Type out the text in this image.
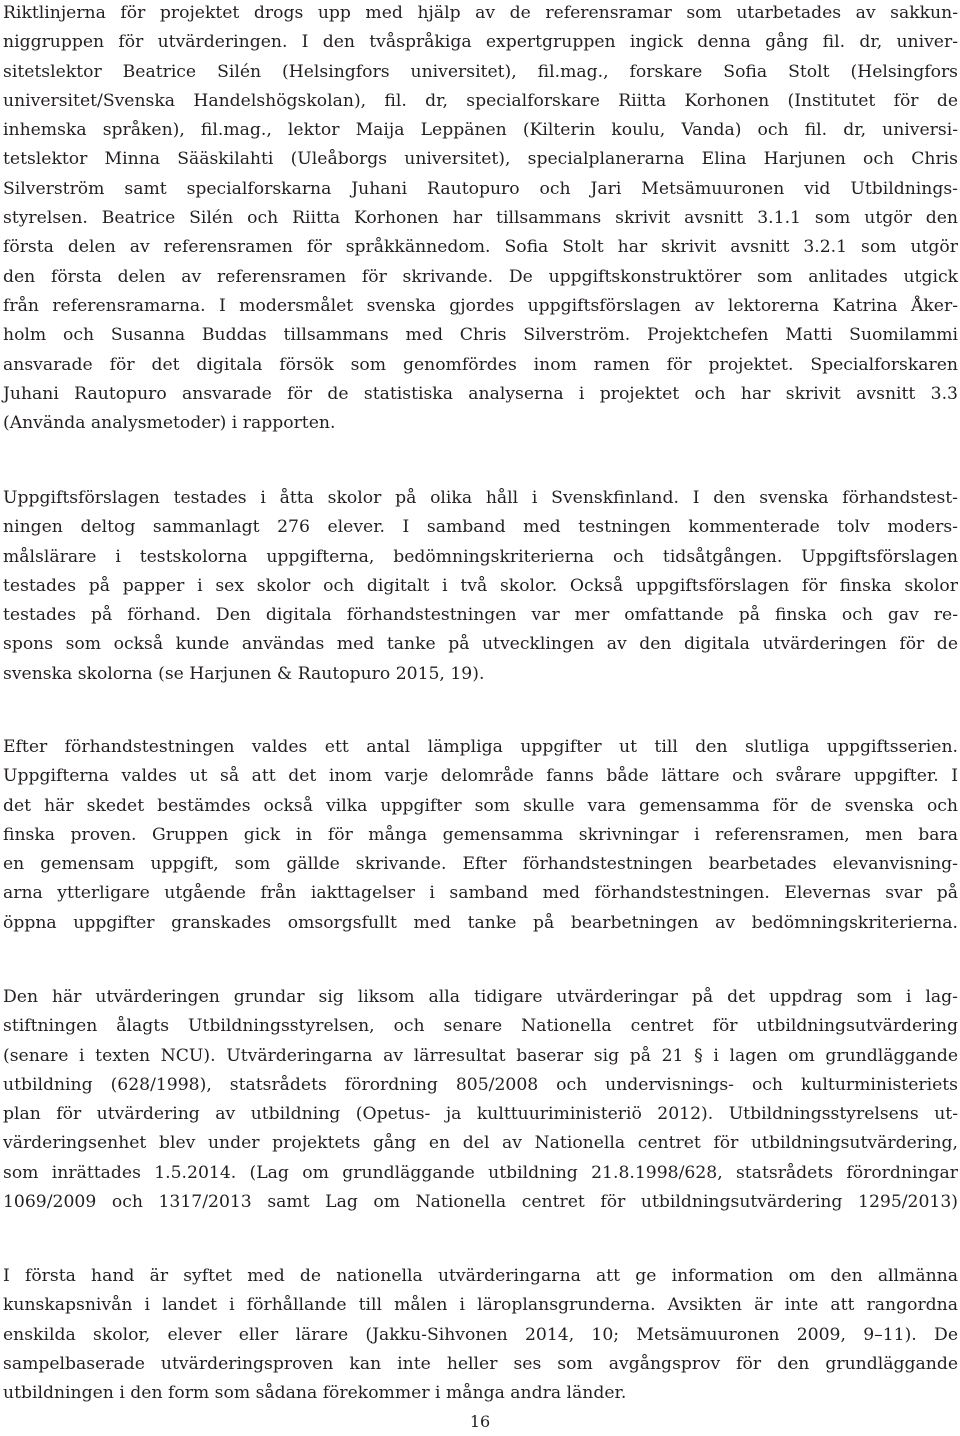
Riktlinjerna för projektet drogs upp med hjälp av de referensramar som utarbetades av sakkun-
niggruppen för utvärderingen. I den tvåspråkiga expertgruppen ingick denna gång fil. dr, univer-
sitetslektor Beatrice Silén (Helsingfors universitet), fil.mag., forskare Sofia Stolt (Helsingfors
universitet/Svenska Handelshögskolan), fil. dr, specialforskare Riitta Korhonen (Institutet för de
inhemska språken), fil.mag., lektor Maija Leppänen (Kilterin koulu, Vanda) och fil. dr, universi-
tetslektor Minna Sääskilahti (Uleåborgs universitet), specialplanerarna Elina Harjunen och Chris
Silverström samt specialforskarna Juhani Rautopuro och Jari Metsämuuronen vid Utbildnings-
styrelsen. Beatrice Silén och Riitta Korhonen har tillsammans skrivit avsnitt 3.1.1 som utgör den
första delen av referensramen för språkkännedom. Sofia Stolt har skrivit avsnitt 3.2.1 som utgör
den första delen av referensramen för skrivande. De uppgiftskonstruktörer som anlitades utgick
från referensramarna. I modersmålet svenska gjordes uppgiftsförslagen av lektorerna Katrina Åker-
holm och Susanna Buddas tillsammans med Chris Silverström. Projektchefen Matti Suomilammi
ansvarade för det digitala försök som genomfördes inom ramen för projektet. Specialforskaren
Juhani Rautopuro ansvarade för de statistiska analyserna i projektet och har skrivit avsnitt 3.3
(Använda analysmetoder) i rapporten.
Uppgiftsförslagen testades i åtta skolor på olika håll i Svenskfinland. I den svenska förhandstest-
ningen deltog sammanlagt 276 elever. I samband med testningen kommenterade tolv moders-
målslärare i testskolorna uppgifterna, bedömningskriterierna och tidsåtgången. Uppgiftsförslagen
testades på papper i sex skolor och digitalt i två skolor. Också uppgiftsförslagen för finska skolor
testades på förhand. Den digitala förhandstestningen var mer omfattande på finska och gav re-
spons som också kunde användas med tanke på utvecklingen av den digitala utvärderingen för de
svenska skolorna (se Harjunen & Rautopuro 2015, 19).
Efter förhandstestningen valdes ett antal lämpliga uppgifter ut till den slutliga uppgiftsserien.
Uppgifterna valdes ut så att det inom varje delområde fanns både lättare och svårare uppgifter. I
det här skedet bestämdes också vilka uppgifter som skulle vara gemensamma för de svenska och
finska proven. Gruppen gick in för många gemensamma skrivningar i referensramen, men bara
en gemensam uppgift, som gällde skrivande. Efter förhandstestningen bearbetades elevanvisning-
arna ytterligare utgående från iakttagelser i samband med förhandstestningen. Elevernas svar på
öppna uppgifter granskades omsorgsfullt med tanke på bearbetningen av bedömningskriterierna.
Den här utvärderingen grundar sig liksom alla tidigare utvärderingar på det uppdrag som i lag-
stiftningen ålagts Utbildningsstyrelsen, och senare Nationella centret för utbildningsutvärdering
(senare i texten NCU). Utvärderingarna av lärresultat baserar sig på 21 § i lagen om grundläggande
utbildning (628/1998), statsrådets förordning 805/2008 och undervisnings- och kulturministeriets
plan för utvärdering av utbildning (Opetus- ja kulttuuriministeriö 2012). Utbildningsstyrelsens ut-
värderingsenhet blev under projektets gång en del av Nationella centret för utbildningsutvärdering,
som inrättades 1.5.2014. (Lag om grundläggande utbildning 21.8.1998/628, statsrådets förordningar
1069/2009 och 1317/2013 samt Lag om Nationella centret för utbildningsutvärdering 1295/2013)
I första hand är syftet med de nationella utvärderingarna att ge information om den allmänna
kunskapsnivån i landet i förhållande till målen i läroplansgrunderna. Avsikten är inte att rangordna
enskilda skolor, elever eller lärare (Jakku-Sihvonen 2014, 10; Metsämuuronen 2009, 9–11). De
sampelbaserade utvärderingsproven kan inte heller ses som avgångsprov för den grundläggande
utbildningen i den form som sådana förekommer i många andra länder.
16
